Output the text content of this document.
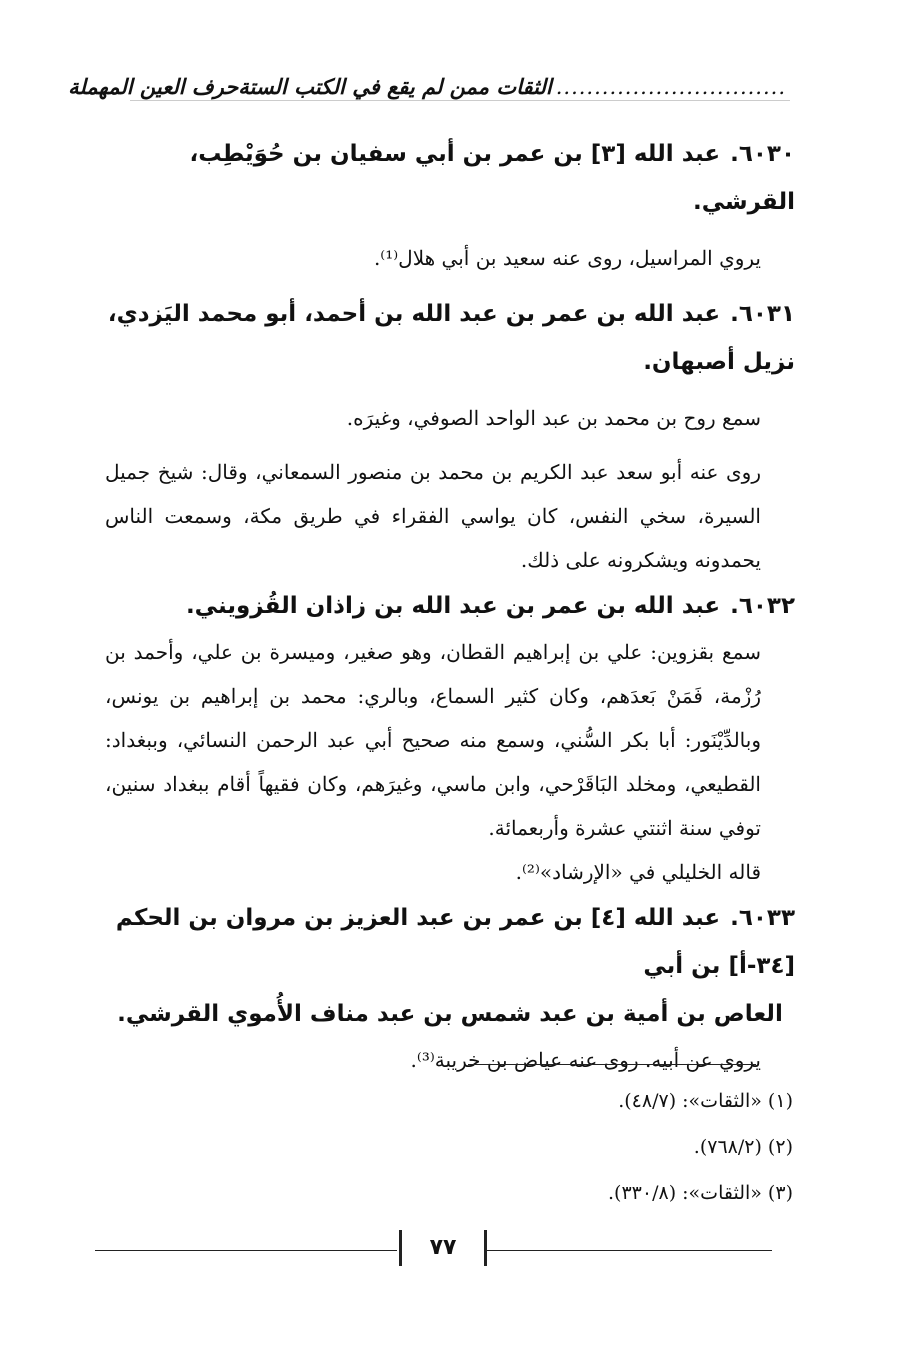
حرف العين المهملة	..............................
الثقات ممن لم يقع في الكتب الستة

٦٠٣٠.عبد الله [٣] بن عمر بن أبي سفيان بن حُوَيْطِب، القرشي.

يروي المراسيل، روى عنه سعيد بن أبي هلال⁽¹⁾.

٦٠٣١.عبد الله بن عمر بن عبد الله بن أحمد، أبو محمد اليَزدي، نزيل أصبهان.

سمع روح بن محمد بن عبد الواحد الصوفي، وغيرَه.

روى عنه أبو سعد عبد الكريم بن محمد بن منصور السمعاني، وقال: شيخ جميل السيرة، سخي النفس، كان يواسي الفقراء في طريق مكة، وسمعت الناس يحمدونه ويشكرونه على ذلك.

٦٠٣٢.عبد الله بن عمر بن عبد الله بن زاذان القُزويني.

سمع بقزوين: علي بن إبراهيم القطان، وهو صغير، وميسرة بن علي، وأحمد بن رُزْمة، فَمَنْ بَعدَهم، وكان كثير السماع، وبالري: محمد بن إبراهيم بن يونس، وبالدِّيْنَور: أبا بكر السُّني، وسمع منه صحيح أبي عبد الرحمن النسائي، وببغداد: القطيعي، ومخلد البَاقَرْحي، وابن ماسي، وغيرَهم، وكان فقيهاً أقام ببغداد سنين، توفي سنة اثنتي عشرة وأربعمائة.

قاله الخليلي في «الإرشاد»⁽²⁾.

٦٠٣٣.عبد الله [٤] بن عمر بن عبد العزيز بن مروان بن الحكم [٣٤-أ] بن أبي

العاص بن أمية بن عبد شمس بن عبد مناف الأُموي القرشي.

يروي عن أبيه. روى عنه عياض بن خريبة⁽³⁾.

(١) «الثقات»: (٤٨/٧).

(٢) (٧٦٨/٢).

(٣) «الثقات»: (٣٣٠/٨).

٧٧
